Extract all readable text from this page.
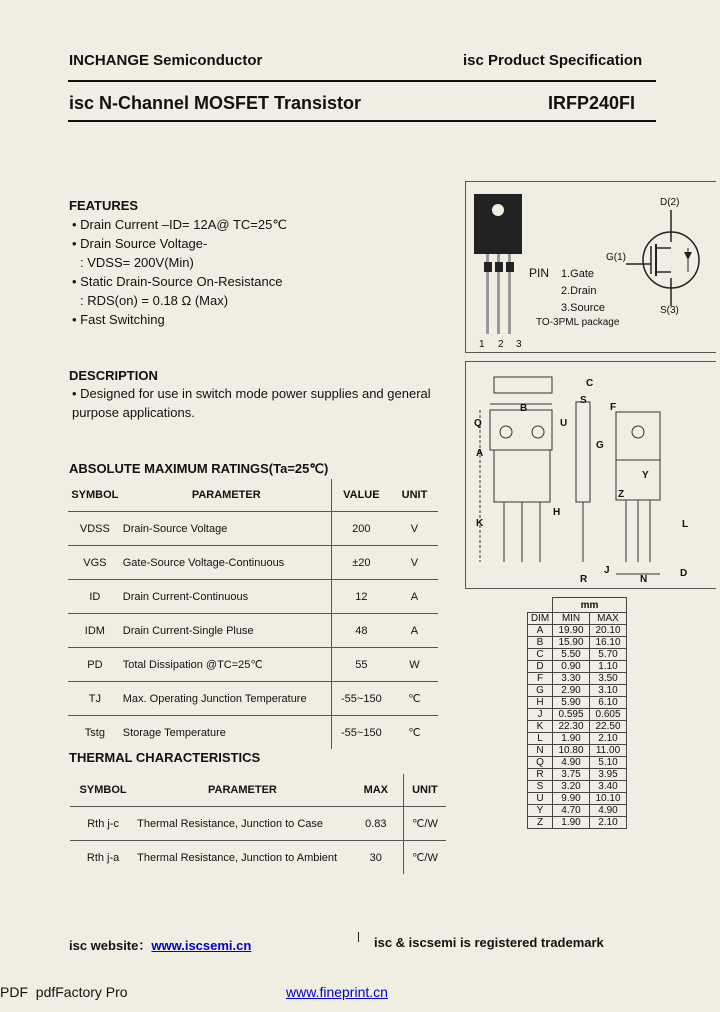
INCHANGE Semiconductor	isc Product Specification
isc N-Channel MOSFET Transistor	IRFP240FI
FEATURES
• Drain Current –ID= 12A@ TC=25℃
• Drain Source Voltage-
: VDSS= 200V(Min)
• Static Drain-Source On-Resistance
: RDS(on) = 0.18 Ω (Max)
• Fast Switching
D(2)
G(1)
S(3)
PIN 1.Gate
2.Drain
3.Source
TO-3PML package
1 2 3
DESCRIPTION
• Designed for use in switch mode power supplies and general purpose applications.
C
S
B	F
Q	U
A
G
Y
K
H
Z
L
J
R	N
D
ABSOLUTE MAXIMUM RATINGS(Ta=25℃)
SYMBOL	PARAMETER	VALUE	UNIT
VDSS	Drain-Source Voltage	200	V
VGS	Gate-Source Voltage-Continuous	±20	V
ID	Drain Current-Continuous	12	A
IDM	Drain Current-Single Pluse	48	A
PD	Total Dissipation @TC=25℃	55	W
TJ	Max. Operating Junction Temperature	-55~150	℃
Tstg	Storage Temperature	-55~150	℃
THERMAL CHARACTERISTICS
SYMBOL	PARAMETER	MAX	UNIT
Rth j-c	Thermal Resistance, Junction to Case	0.83	℃/W
Rth j-a	Thermal Resistance, Junction to Ambient	30	℃/W
	mm	
DIM	MIN	MAX
A	19.90	20.10
B	15.90	16.10
C	5.50	5.70
D	0.90	1.10
F	3.30	3.50
G	2.90	3.10
H	5.90	6.10
J	0.595	0.605
K	22.30	22.50
L	1.90	2.10
N	10.80	11.00
Q	4.90	5.10
R	3.75	3.95
S	3.20	3.40
U	9.90	10.10
Y	4.70	4.90
Z	1.90	2.10
isc website：www.iscsemi.cn	isc & iscsemi is registered trademark
PDF pdfFactory Pro	www.fineprint.cn
